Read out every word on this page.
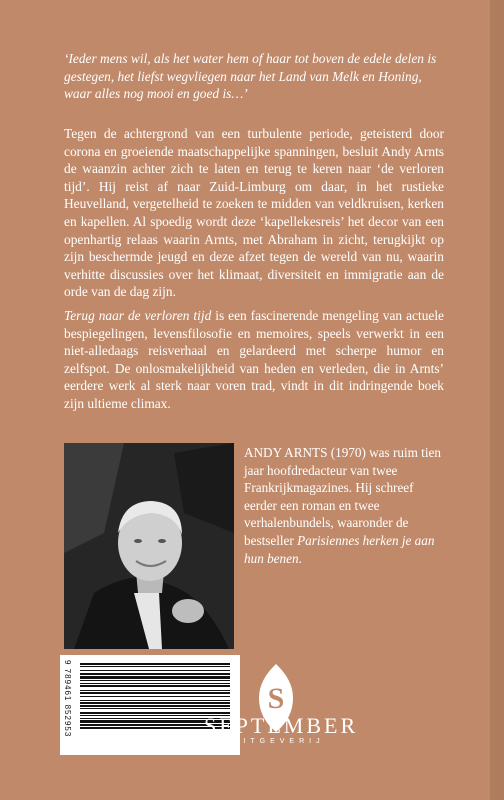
‘Ieder mens wil, als het water hem of haar tot boven de edele delen is gestegen, het liefst wegvliegen naar het Land van Melk en Honing, waar alles nog mooi en goed is…’

Tegen de achtergrond van een turbulente periode, geteisterd door corona en groeiende maatschappelijke spanningen, besluit Andy Arnts de waanzin achter zich te laten en terug te keren naar ‘de verloren tijd’. Hij reist af naar Zuid-Limburg om daar, in het rustieke Heuvelland, vergetelheid te zoeken te midden van veldkruisen, kerken en kapellen. Al spoedig wordt deze ‘kapellekesreis’ het decor van een openhartig relaas waarin Arnts, met Abraham in zicht, terugkijkt op zijn beschermde jeugd en deze afzet tegen de wereld van nu, waarin verhitte discussies over het klimaat, diversiteit en immigratie aan de orde van de dag zijn.

Terug naar de verloren tijd is een fascinerende mengeling van actuele bespiegelingen, levensfilosofie en memoires, speels verwerkt in een niet-alledaags reisverhaal en gelardeerd met scherpe humor en zelfspot. De onlosmakelijkheid van heden en verleden, die in Arnts’ eerdere werk al sterk naar voren trad, vindt in dit indringende boek zijn ultieme climax.

ANDY ARNTS (1970) was ruim tien jaar hoofdredacteur van twee Frankrijkmagazines. Hij schreef eerder een roman en twee verhalenbundels, waaronder de bestseller Parisiennes herken je aan hun benen.

9 789461 852953	S
SEPTEMBER
UITGEVERIJ
